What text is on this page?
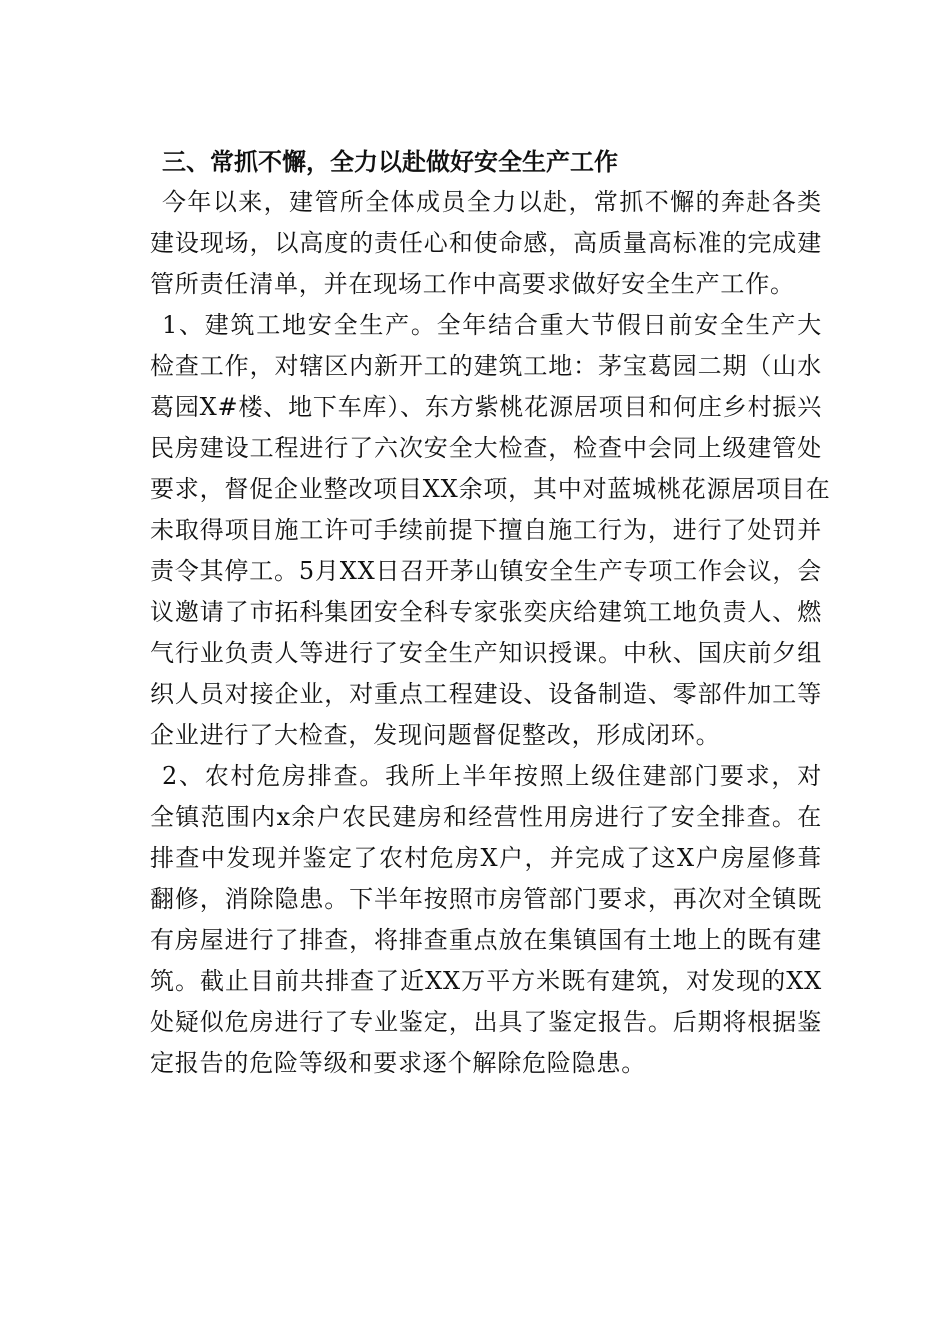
三、常抓不懈，全力以赴做好安全生产工作

今年以来，建管所全体成员全力以赴，常抓不懈的奔赴各类
建设现场，以高度的责任心和使命感，高质量高标准的完成建
管所责任清单，并在现场工作中高要求做好安全生产工作。

1、建筑工地安全生产。全年结合重大节假日前安全生产大
检查工作，对辖区内新开工的建筑工地：茅宝葛园二期（山水
葛园X#楼、地下车库）、东方紫桃花源居项目和何庄乡村振兴
民房建设工程进行了六次安全大检查，检查中会同上级建管处
要求，督促企业整改项目XX余项，其中对蓝城桃花源居项目在
未取得项目施工许可手续前提下擅自施工行为，进行了处罚并
责令其停工。5月XX日召开茅山镇安全生产专项工作会议，会
议邀请了市拓科集团安全科专家张奕庆给建筑工地负责人、燃
气行业负责人等进行了安全生产知识授课。中秋、国庆前夕组
织人员对接企业，对重点工程建设、设备制造、零部件加工等
企业进行了大检查，发现问题督促整改，形成闭环。

2、农村危房排查。我所上半年按照上级住建部门要求，对
全镇范围内x余户农民建房和经营性用房进行了安全排查。在
排查中发现并鉴定了农村危房X户，并完成了这X户房屋修葺
翻修，消除隐患。下半年按照市房管部门要求，再次对全镇既
有房屋进行了排查，将排查重点放在集镇国有土地上的既有建
筑。截止目前共排查了近XX万平方米既有建筑，对发现的XX
处疑似危房进行了专业鉴定，出具了鉴定报告。后期将根据鉴
定报告的危险等级和要求逐个解除危险隐患。
